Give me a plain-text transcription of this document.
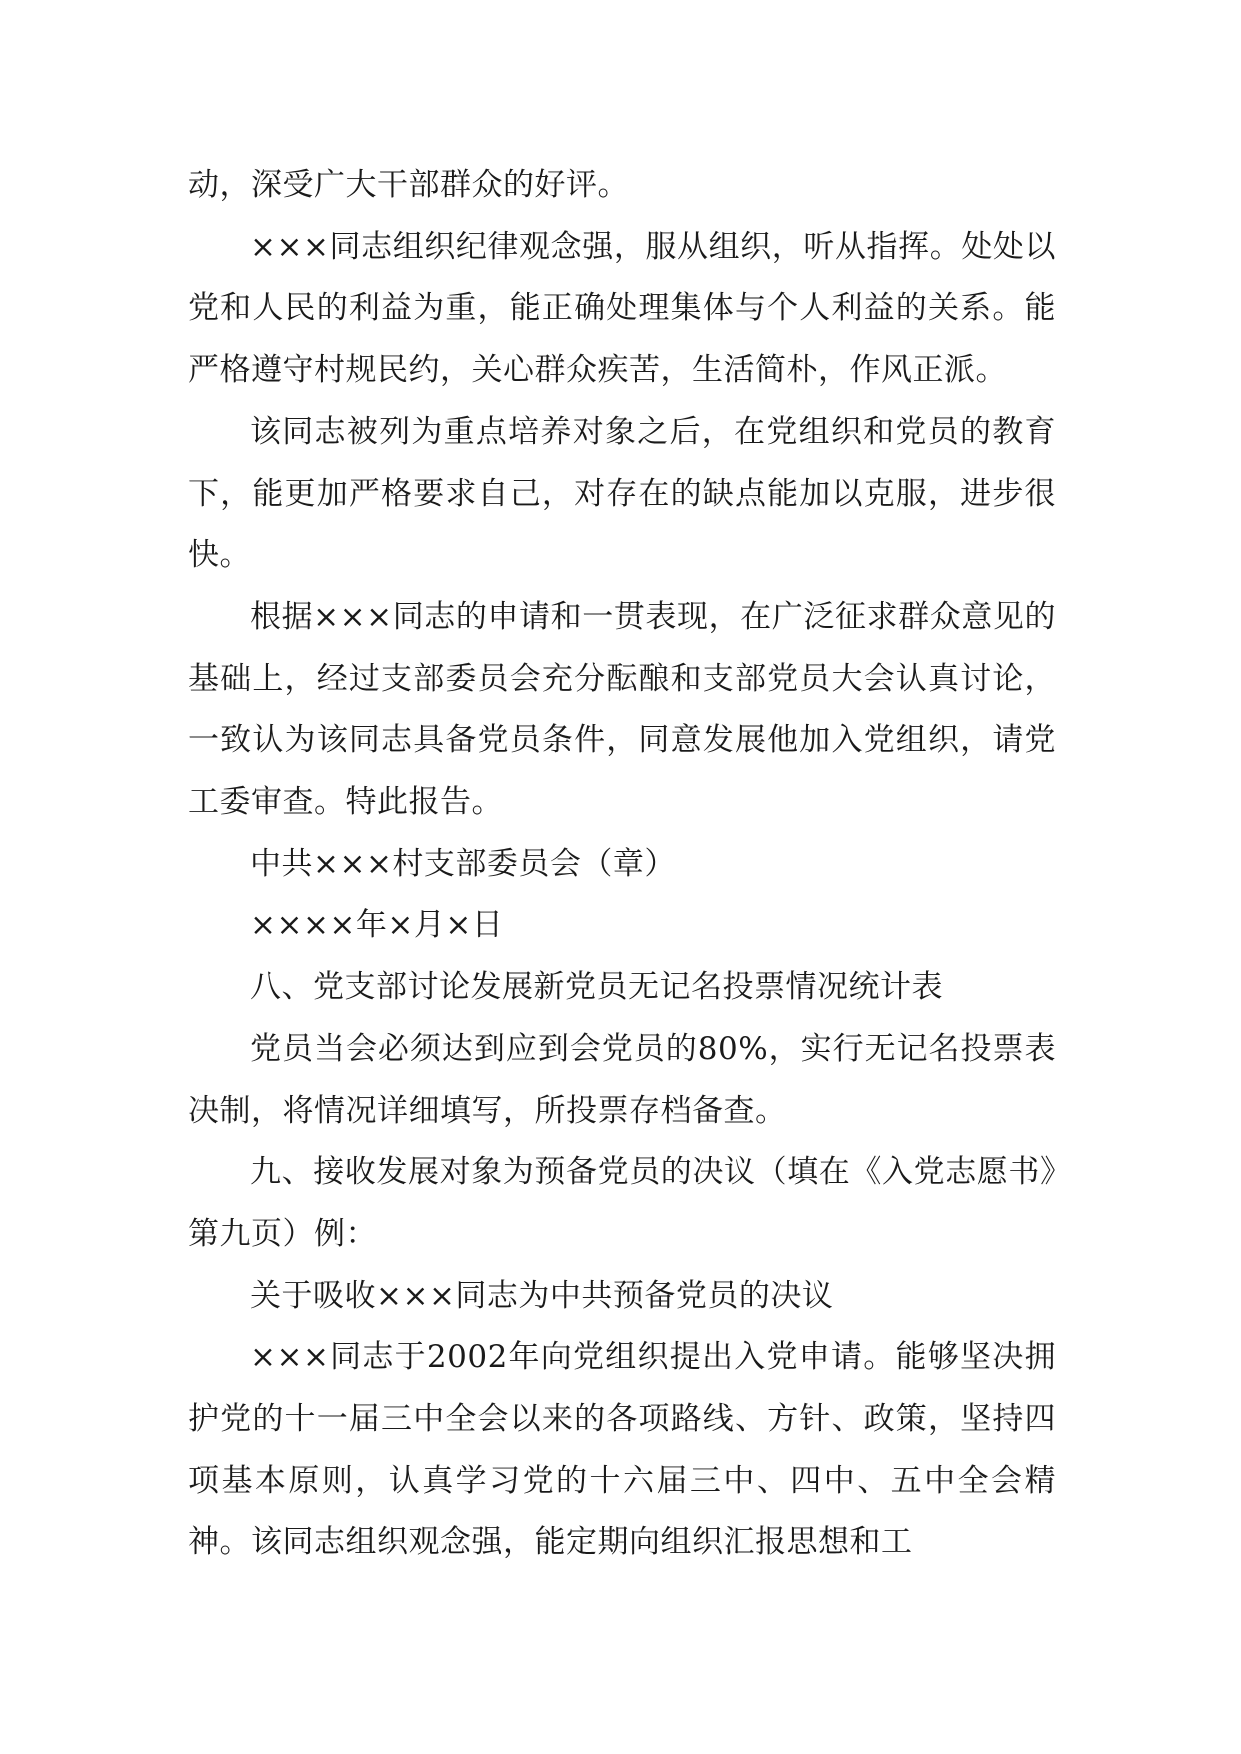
动，深受广大干部群众的好评。

×××同志组织纪律观念强，服从组织，听从指挥。处处以党和人民的利益为重，能正确处理集体与个人利益的关系。能严格遵守村规民约，关心群众疾苦，生活简朴，作风正派。

该同志被列为重点培养对象之后，在党组织和党员的教育下，能更加严格要求自己，对存在的缺点能加以克服，进步很快。

根据×××同志的申请和一贯表现，在广泛征求群众意见的基础上，经过支部委员会充分酝酿和支部党员大会认真讨论，一致认为该同志具备党员条件，同意发展他加入党组织，请党工委审查。特此报告。

中共×××村支部委员会（章）

××××年×月×日

八、党支部讨论发展新党员无记名投票情况统计表

党员当会必须达到应到会党员的80%，实行无记名投票表决制，将情况详细填写，所投票存档备查。

九、接收发展对象为预备党员的决议（填在《入党志愿书》第九页）例：

关于吸收×××同志为中共预备党员的决议

×××同志于2002年向党组织提出入党申请。能够坚决拥护党的十一届三中全会以来的各项路线、方针、政策，坚持四项基本原则，认真学习党的十六届三中、四中、五中全会精神。该同志组织观念强，能定期向组织汇报思想和工
